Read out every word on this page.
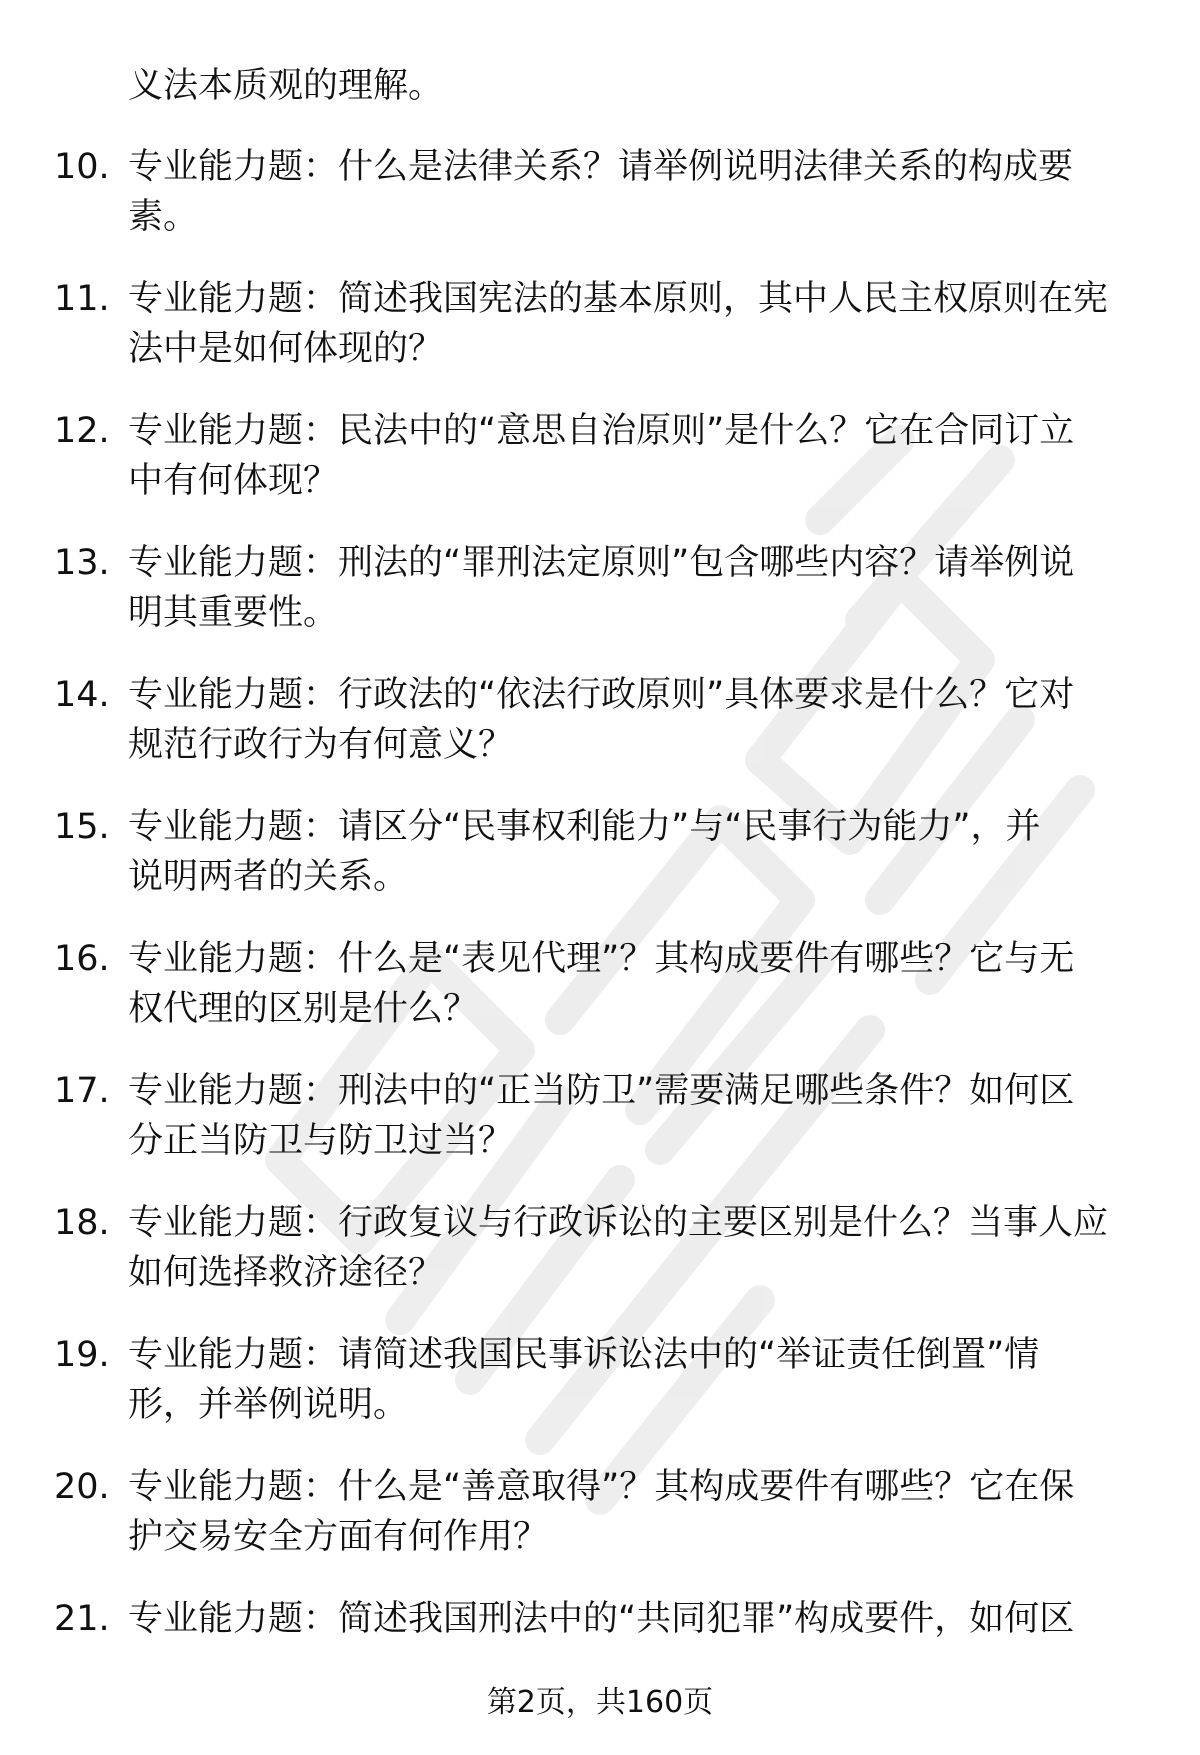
义法本质观的理解。
10. 专业能力题：什么是法律关系？请举例说明法律关系的构成要
素。
11. 专业能力题：简述我国宪法的基本原则，其中人民主权原则在宪
法中是如何体现的？
12. 专业能力题：民法中的“意思自治原则”是什么？它在合同订立
中有何体现？
13. 专业能力题：刑法的“罪刑法定原则”包含哪些内容？请举例说
明其重要性。
14. 专业能力题：行政法的“依法行政原则”具体要求是什么？它对
规范行政行为有何意义？
15. 专业能力题：请区分“民事权利能力”与“民事行为能力”，并
说明两者的关系。
16. 专业能力题：什么是“表见代理”？其构成要件有哪些？它与无
权代理的区别是什么？
17. 专业能力题：刑法中的“正当防卫”需要满足哪些条件？如何区
分正当防卫与防卫过当？
18. 专业能力题：行政复议与行政诉讼的主要区别是什么？当事人应
如何选择救济途径？
19. 专业能力题：请简述我国民事诉讼法中的“举证责任倒置”情
形，并举例说明。
20. 专业能力题：什么是“善意取得”？其构成要件有哪些？它在保
护交易安全方面有何作用？
21. 专业能力题：简述我国刑法中的“共同犯罪”构成要件，如何区
第2页，共160页
